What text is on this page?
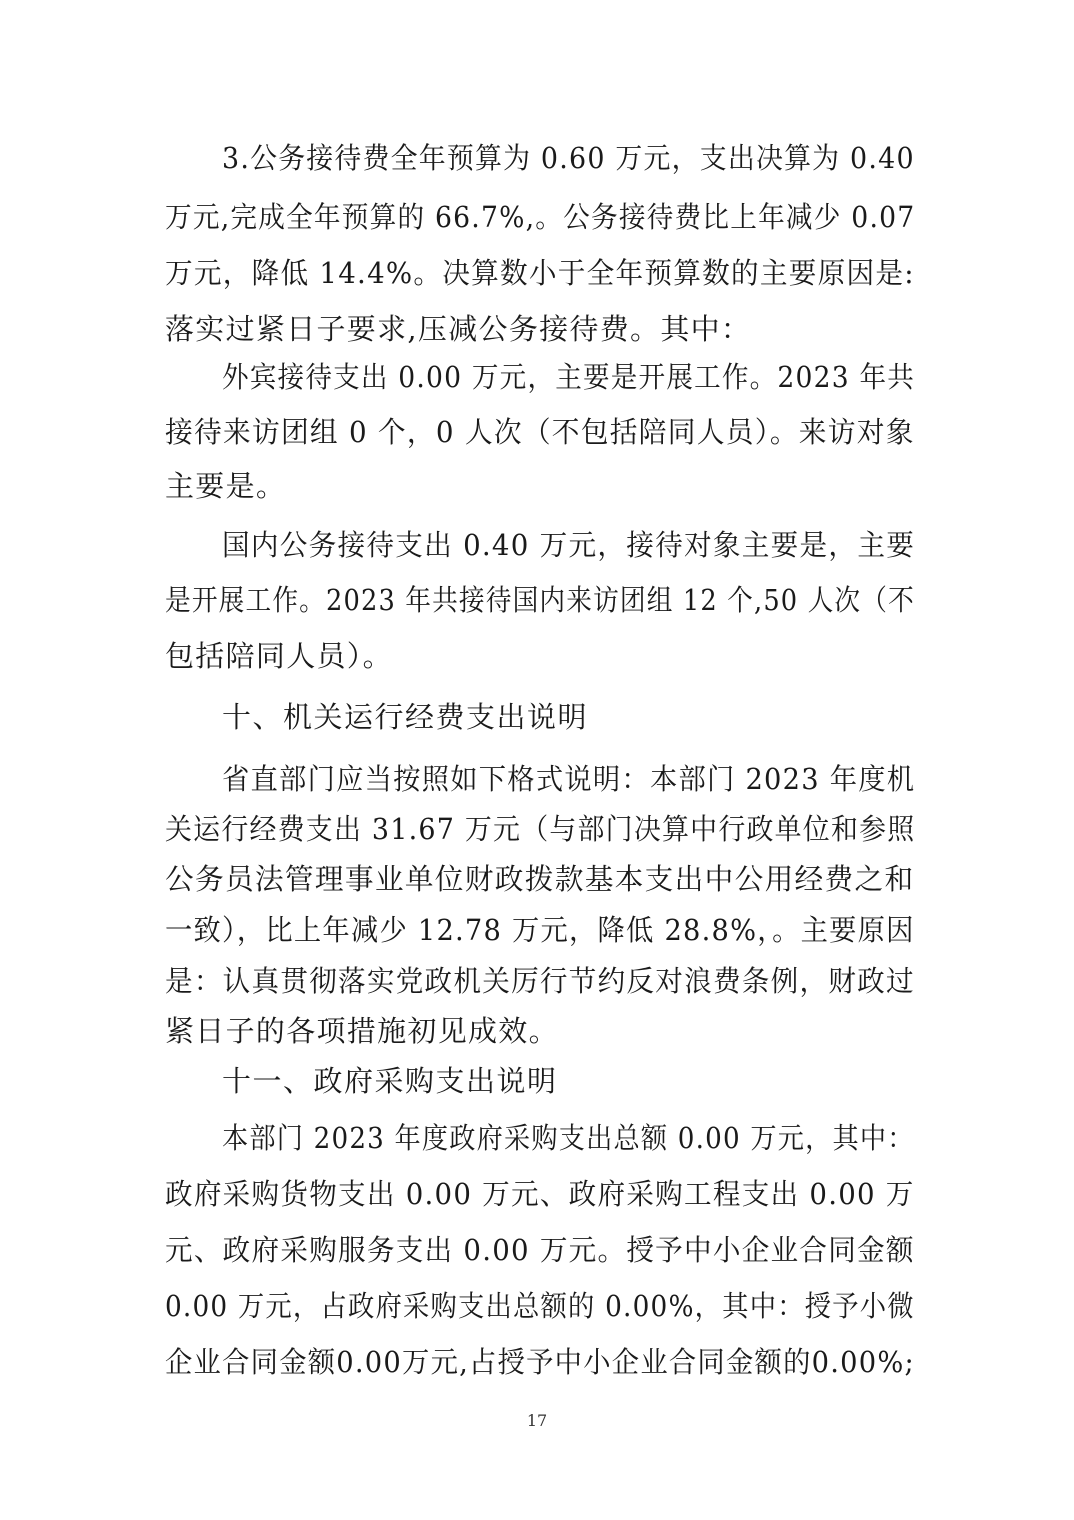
3.公务接待费全年预算为 0.60 万元，支出决算为 0.40
万元,完成全年预算的 66.7%,。公务接待费比上年减少 0.07
万元，降低 14.4%。决算数小于全年预算数的主要原因是:
落实过紧日子要求,压减公务接待费。其中：
外宾接待支出 0.00 万元，主要是开展工作。2023 年共
接待来访团组 0 个，0 人次（不包括陪同人员）。来访对象
主要是。
国内公务接待支出 0.40 万元，接待对象主要是，主要
是开展工作。2023 年共接待国内来访团组 12 个,50 人次（不
包括陪同人员）。
十、机关运行经费支出说明
省直部门应当按照如下格式说明：本部门 2023 年度机
关运行经费支出 31.67 万元（与部门决算中行政单位和参照
公务员法管理事业单位财政拨款基本支出中公用经费之和
一致），比上年减少 12.78 万元，降低 28.8%，。主要原因
是：认真贯彻落实党政机关厉行节约反对浪费条例，财政过
紧日子的各项措施初见成效。
十一、政府采购支出说明
本部门 2023 年度政府采购支出总额 0.00 万元，其中：
政府采购货物支出 0.00 万元、政府采购工程支出 0.00 万
元、政府采购服务支出 0.00 万元。授予中小企业合同金额
0.00 万元，占政府采购支出总额的 0.00%，其中：授予小微
企业合同金额0.00万元,占授予中小企业合同金额的0.00%;
17
